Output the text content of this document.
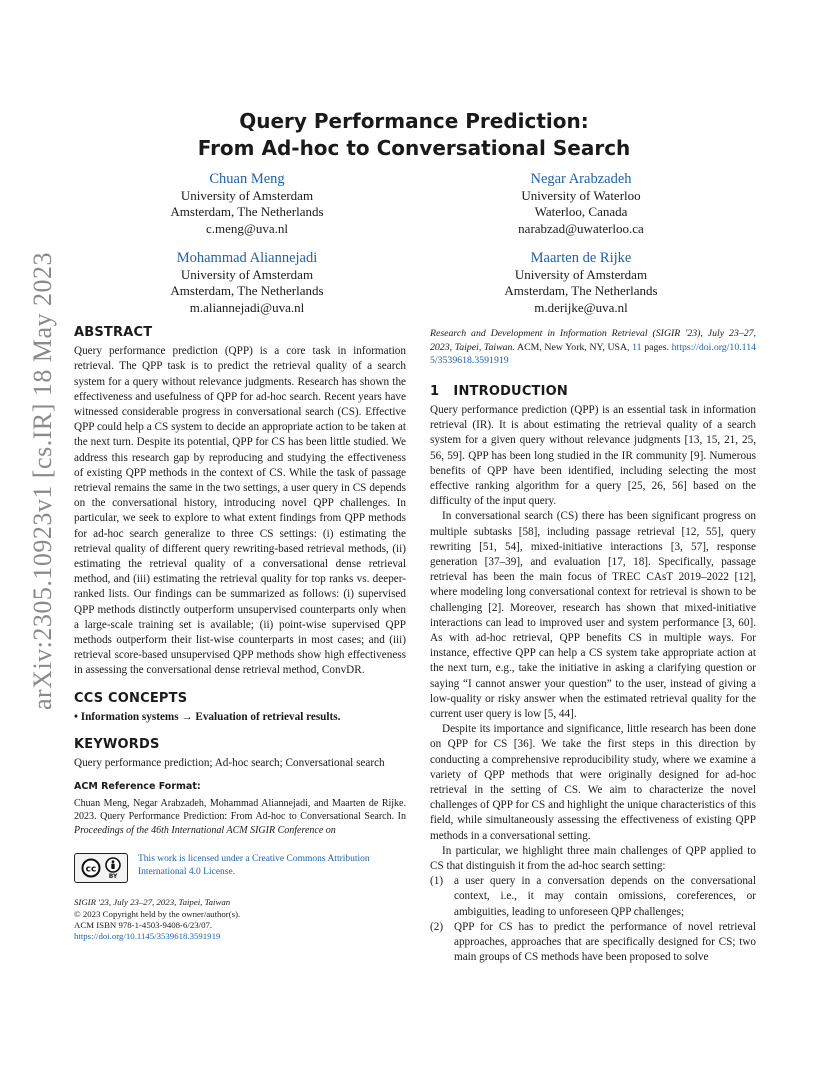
arXiv:2305.10923v1 [cs.IR] 18 May 2023
Query Performance Prediction:
From Ad-hoc to Conversational Search
Chuan Meng
University of Amsterdam
Amsterdam, The Netherlands
c.meng@uva.nl
Negar Arabzadeh
University of Waterloo
Waterloo, Canada
narabzad@uwaterloo.ca
Mohammad Aliannejadi
University of Amsterdam
Amsterdam, The Netherlands
m.aliannejadi@uva.nl
Maarten de Rijke
University of Amsterdam
Amsterdam, The Netherlands
m.derijke@uva.nl
ABSTRACT

Query performance prediction (QPP) is a core task in information retrieval. The QPP task is to predict the retrieval quality of a search system for a query without relevance judgments. Research has shown the effectiveness and usefulness of QPP for ad-hoc search. Recent years have witnessed considerable progress in conversational search (CS). Effective QPP could help a CS system to decide an appropriate action to be taken at the next turn. Despite its potential, QPP for CS has been little studied. We address this research gap by reproducing and studying the effectiveness of existing QPP methods in the context of CS. While the task of passage retrieval remains the same in the two settings, a user query in CS depends on the conversational history, introducing novel QPP challenges. In particular, we seek to explore to what extent findings from QPP methods for ad-hoc search generalize to three CS settings: (i) estimating the retrieval quality of different query rewriting-based retrieval methods, (ii) estimating the retrieval quality of a conversational dense retrieval method, and (iii) estimating the retrieval quality for top ranks vs. deeper-ranked lists. Our findings can be summarized as follows: (i) supervised QPP methods distinctly outperform unsupervised counterparts only when a large-scale training set is available; (ii) point-wise supervised QPP methods outperform their list-wise counterparts in most cases; and (iii) retrieval score-based unsupervised QPP methods show high effectiveness in assessing the conversational dense retrieval method, ConvDR.

CCS CONCEPTS

• Information systems → Evaluation of retrieval results.

KEYWORDS

Query performance prediction; Ad-hoc search; Conversational search

ACM Reference Format:

Chuan Meng, Negar Arabzadeh, Mohammad Aliannejadi, and Maarten de Rijke. 2023. Query Performance Prediction: From Ad-hoc to Conversational Search. In Proceedings of the 46th International ACM SIGIR Conference on

cc
BY

This work is licensed under a Creative Commons Attribution International 4.0 License.

SIGIR '23, July 23–27, 2023, Taipei, Taiwan
© 2023 Copyright held by the owner/author(s).
ACM ISBN 978-1-4503-9408-6/23/07.
https://doi.org/10.1145/3539618.3591919

Research and Development in Information Retrieval (SIGIR '23), July 23–27, 2023, Taipei, Taiwan. ACM, New York, NY, USA, 11 pages. https://doi.org/10.1145/3539618.3591919

1   INTRODUCTION

Query performance prediction (QPP) is an essential task in information retrieval (IR). It is about estimating the retrieval quality of a search system for a given query without relevance judgments [13, 15, 21, 25, 56, 59]. QPP has been long studied in the IR community [9]. Numerous benefits of QPP have been identified, including selecting the most effective ranking algorithm for a query [25, 26, 56] based on the difficulty of the input query.

In conversational search (CS) there has been significant progress on multiple subtasks [58], including passage retrieval [12, 55], query rewriting [51, 54], mixed-initiative interactions [3, 57], response generation [37–39], and evaluation [17, 18]. Specifically, passage retrieval has been the main focus of TREC CAsT 2019–2022 [12], where modeling long conversational context for retrieval is shown to be challenging [2]. Moreover, research has shown that mixed-initiative interactions can lead to improved user and system performance [3, 60]. As with ad-hoc retrieval, QPP benefits CS in multiple ways. For instance, effective QPP can help a CS system take appropriate action at the next turn, e.g., take the initiative in asking a clarifying question or saying “I cannot answer your question” to the user, instead of giving a low-quality or risky answer when the estimated retrieval quality for the current user query is low [5, 44].

Despite its importance and significance, little research has been done on QPP for CS [36]. We take the first steps in this direction by conducting a comprehensive reproducibility study, where we examine a variety of QPP methods that were originally designed for ad-hoc retrieval in the setting of CS. We aim to characterize the novel challenges of QPP for CS and highlight the unique characteristics of this field, while simultaneously assessing the effectiveness of existing QPP methods in a conversational setting.

In particular, we highlight three main challenges of QPP applied to CS that distinguish it from the ad-hoc search setting:

(1) a user query in a conversation depends on the conversational context, i.e., it may contain omissions, coreferences, or ambiguities, leading to unforeseen QPP challenges;
(2) QPP for CS has to predict the performance of novel retrieval approaches, approaches that are specifically designed for CS; two main groups of CS methods have been proposed to solve
